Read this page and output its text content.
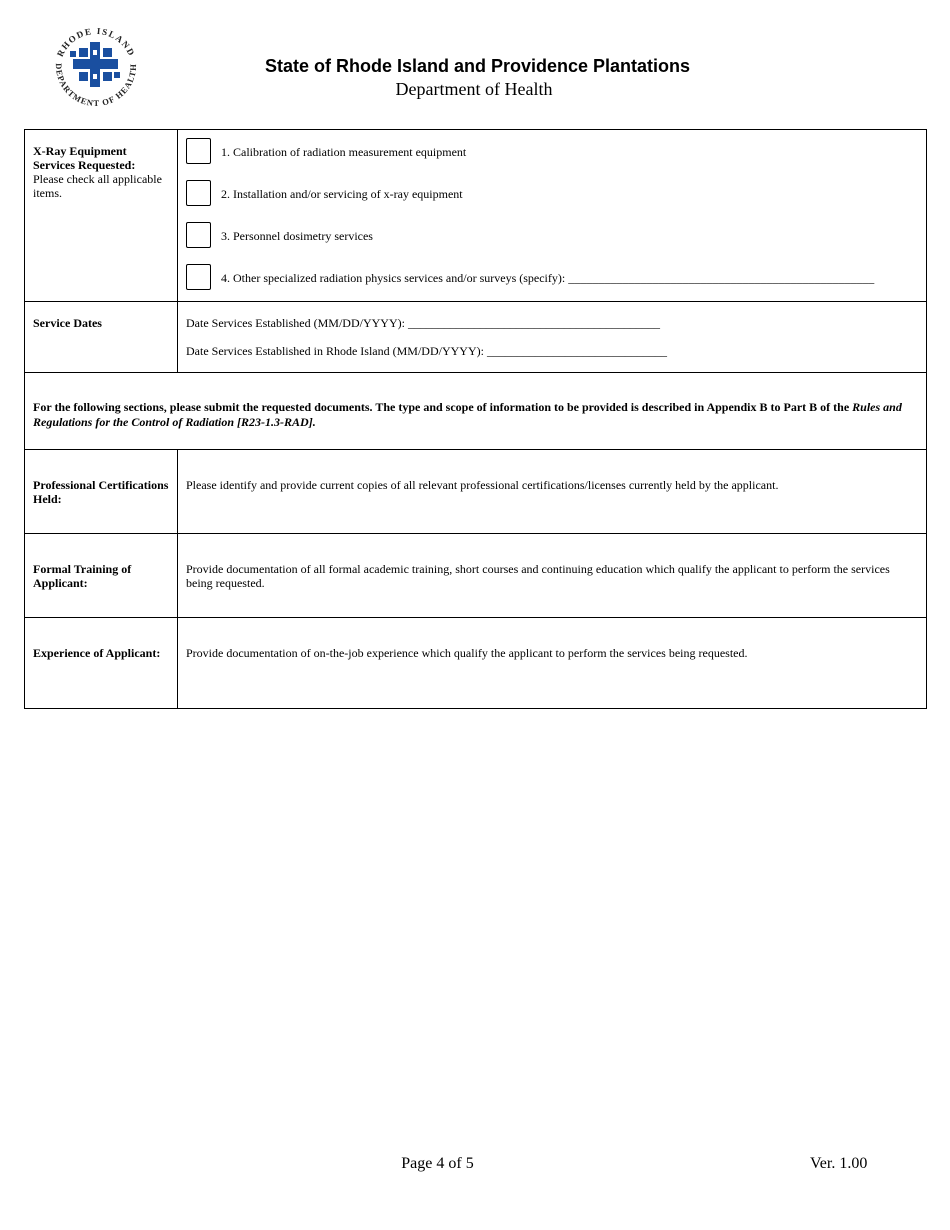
RHODE ISLAND
DEPARTMENT OF HEALTH	State of Rhode Island and Providence Plantations
Department of Health
X-Ray Equipment Services Requested:
Please check all applicable items.	1. Calibration of radiation measurement equipment
2. Installation and/or servicing of x-ray equipment
3. Personnel dosimetry services
4. Other specialized radiation physics services and/or surveys (specify): ___________________________________________________

Service Dates	Date Services Established (MM/DD/YYYY): __________________________________________
Date Services Established in Rhode Island (MM/DD/YYYY): ______________________________

For the following sections, please submit the requested documents. The type and scope of information to be provided is described in Appendix B to Part B of the Rules and Regulations for the Control of Radiation [R23-1.3-RAD].	

Professional Certifications Held:	Please identify and provide current copies of all relevant professional certifications/licenses currently held by the applicant.

Formal Training of Applicant:	Provide documentation of all formal academic training, short courses and continuing education which qualify the applicant to perform the services being requested.

Experience of Applicant:	Provide documentation of on-the-job experience which qualify the applicant to perform the services being requested.
Page 4 of 5	Ver. 1.00
